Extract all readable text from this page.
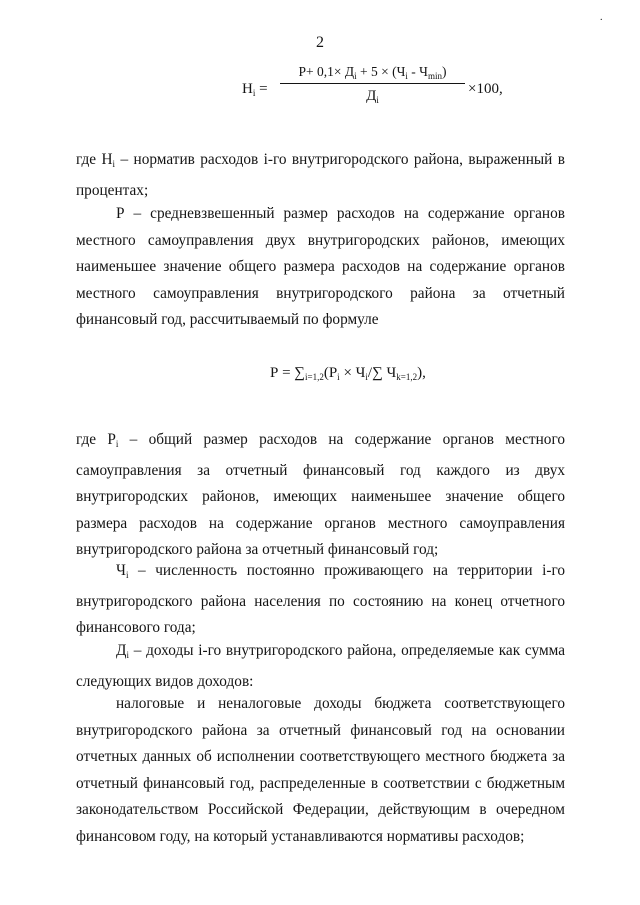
.
2
$Н_i$ =
$Р+ 0,1\times Д_i + 5 \times (Ч_i - Ч_{min})$
$Д_i$
×100,

где $Н_i$ – норматив расходов i-го внутригородского района, выраженный в процентах;

Р – средневзвешенный размер расходов на содержание органов местного самоуправления двух внутригородских районов, имеющих наименьшее значение общего размера расходов на содержание органов местного самоуправления внутригородского района за отчетный финансовый год, рассчитываемый по формуле

$Р = \sum_{i=1,2}(Р_i \times Ч_i/\sum$ $Ч_{k=1,2}$),

где $Р_i$ – общий размер расходов на содержание органов местного самоуправления за отчетный финансовый год каждого из двух внутригородских районов, имеющих наименьшее значение общего размера расходов на содержание органов местного самоуправления внутригородского района за отчетный финансовый год;

$Ч_i$ – численность постоянно проживающего на территории i-го внутригородского района населения по состоянию на конец отчетного финансового года;

$Д_i$ – доходы i-го внутригородского района, определяемые как сумма следующих видов доходов:

налоговые и неналоговые доходы бюджета соответствующего внутригородского района за отчетный финансовый год на основании отчетных данных об исполнении соответствующего местного бюджета за отчетный финансовый год, распределенные в соответствии с бюджетным законодательством Российской Федерации, действующим в очередном финансовом году, на который устанавливаются нормативы расходов;
